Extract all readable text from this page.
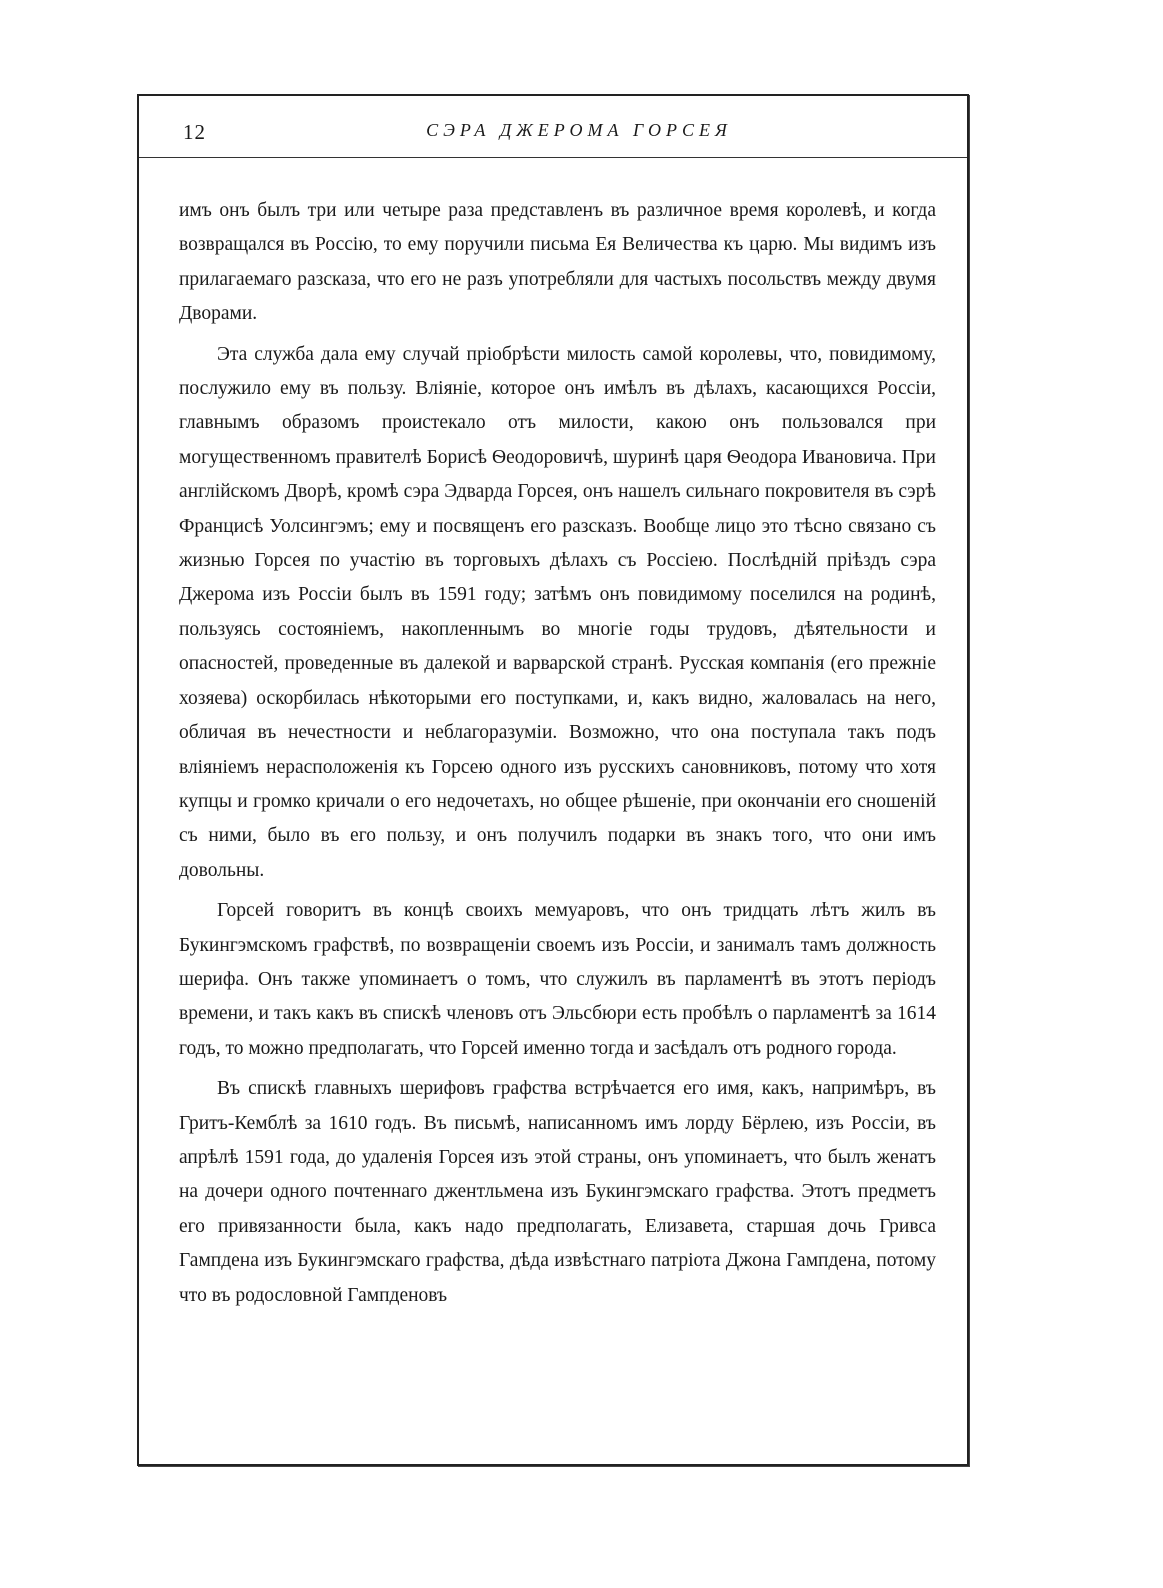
12	СЭРА ДЖЕРОМА ГОРСЕЯ

имъ онъ былъ три или четыре раза представленъ въ различное время королевѣ, и когда возвращался въ Россію, то ему поручили письма Ея Величества къ царю. Мы видимъ изъ прилагаемаго разсказа, что его не разъ употребляли для частыхъ посольствъ между двумя Дворами.

Эта служба дала ему случай пріобрѣсти милость самой королевы, что, повидимому, послужило ему въ пользу. Вліяніе, которое онъ имѣлъ въ дѣлахъ, касающихся Россіи, главнымъ образомъ проистекало отъ милости, какою онъ пользовался при могущественномъ правителѣ Борисѣ Ѳеодоровичѣ, шуринѣ царя Ѳеодора Ивановича. При англійскомъ Дворѣ, кромѣ сэра Эдварда Горсея, онъ нашелъ сильнаго покровителя въ сэрѣ Францисѣ Уолсингэмъ; ему и посвященъ его разсказъ. Вообще лицо это тѣсно связано съ жизнью Горсея по участію въ торговыхъ дѣлахъ съ Россіею. Послѣдній пріѣздъ сэра Джерома изъ Россіи былъ въ 1591 году; затѣмъ онъ повидимому поселился на родинѣ, пользуясь состояніемъ, накопленнымъ во многіе годы трудовъ, дѣятельности и опасностей, проведенные въ далекой и варварской странѣ. Русская компанія (его прежніе хозяева) оскорбилась нѣкоторыми его поступками, и, какъ видно, жаловалась на него, обличая въ нечестности и неблагоразуміи. Возможно, что она поступала такъ подъ вліяніемъ нерасположенія къ Горсею одного изъ русскихъ сановниковъ, потому что хотя купцы и громко кричали о его недочетахъ, но общее рѣшеніе, при окончаніи его сношеній съ ними, было въ его пользу, и онъ получилъ подарки въ знакъ того, что они имъ довольны.

Горсей говоритъ въ концѣ своихъ мемуаровъ, что онъ тридцать лѣтъ жилъ въ Букингэмскомъ графствѣ, по возвращеніи своемъ изъ Россіи, и занималъ тамъ должность шерифа. Онъ также упоминаетъ о томъ, что служилъ въ парламентѣ въ этотъ періодъ времени, и такъ какъ въ спискѣ членовъ отъ Эльсбюри есть пробѣлъ о парламентѣ за 1614 годъ, то можно предполагать, что Горсей именно тогда и засѣдалъ отъ родного города.

Въ спискѣ главныхъ шерифовъ графства встрѣчается его имя, какъ, напримѣръ, въ Гритъ-Кемблѣ за 1610 годъ. Въ письмѣ, написанномъ имъ лорду Бёрлею, изъ Россіи, въ апрѣлѣ 1591 года, до удаленія Горсея изъ этой страны, онъ упоминаетъ, что былъ женатъ на дочери одного почтеннаго джентльмена изъ Букингэмскаго графства. Этотъ предметъ его привязанности была, какъ надо предполагать, Елизавета, старшая дочь Гривса Гампдена изъ Букингэмскаго графства, дѣда извѣстнаго патріота Джона Гампдена, потому что въ родословной Гампденовъ
